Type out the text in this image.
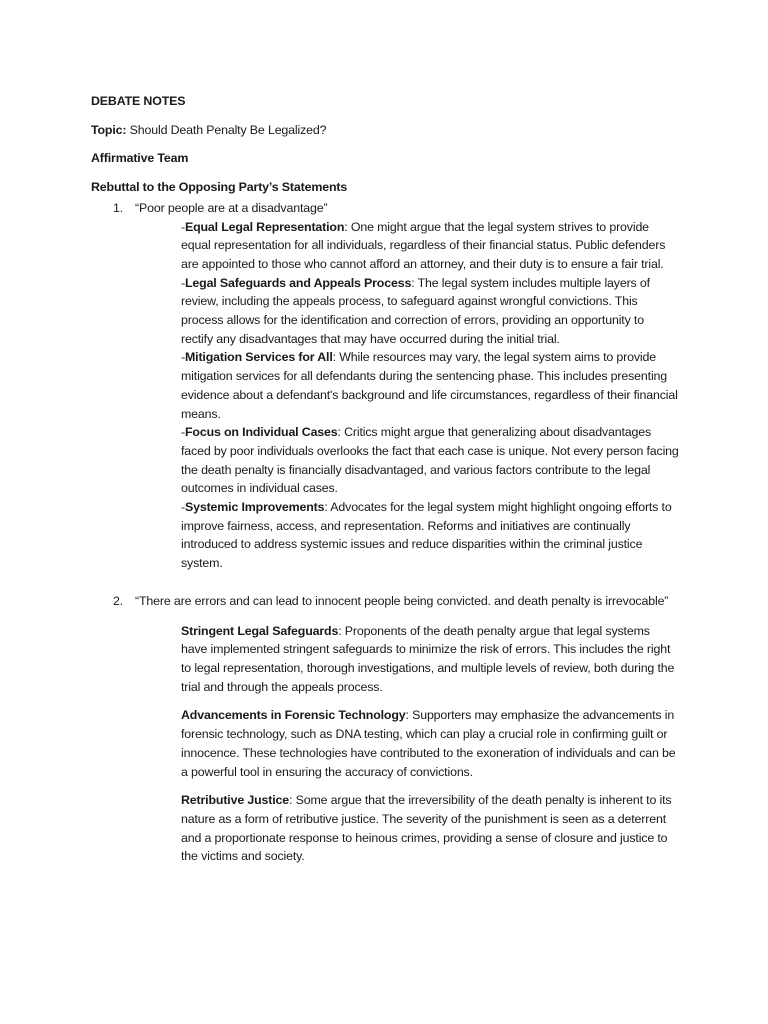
DEBATE NOTES
Topic: Should Death Penalty Be Legalized?
Affirmative Team
Rebuttal to the Opposing Party’s Statements
1. “Poor people are at a disadvantage”

-Equal Legal Representation: One might argue that the legal system strives to provide equal representation for all individuals, regardless of their financial status. Public defenders are appointed to those who cannot afford an attorney, and their duty is to ensure a fair trial.

-Legal Safeguards and Appeals Process: The legal system includes multiple layers of review, including the appeals process, to safeguard against wrongful convictions. This process allows for the identification and correction of errors, providing an opportunity to rectify any disadvantages that may have occurred during the initial trial.

-Mitigation Services for All: While resources may vary, the legal system aims to provide mitigation services for all defendants during the sentencing phase. This includes presenting evidence about a defendant's background and life circumstances, regardless of their financial means.

-Focus on Individual Cases: Critics might argue that generalizing about disadvantages faced by poor individuals overlooks the fact that each case is unique. Not every person facing the death penalty is financially disadvantaged, and various factors contribute to the legal outcomes in individual cases.

-Systemic Improvements: Advocates for the legal system might highlight ongoing efforts to improve fairness, access, and representation. Reforms and initiatives are continually introduced to address systemic issues and reduce disparities within the criminal justice system.

2. “There are errors and can lead to innocent people being convicted. and death penalty is irrevocable”

Stringent Legal Safeguards: Proponents of the death penalty argue that legal systems have implemented stringent safeguards to minimize the risk of errors. This includes the right to legal representation, thorough investigations, and multiple levels of review, both during the trial and through the appeals process.

Advancements in Forensic Technology: Supporters may emphasize the advancements in forensic technology, such as DNA testing, which can play a crucial role in confirming guilt or innocence. These technologies have contributed to the exoneration of individuals and can be a powerful tool in ensuring the accuracy of convictions.

Retributive Justice: Some argue that the irreversibility of the death penalty is inherent to its nature as a form of retributive justice. The severity of the punishment is seen as a deterrent and a proportionate response to heinous crimes, providing a sense of closure and justice to the victims and society.
